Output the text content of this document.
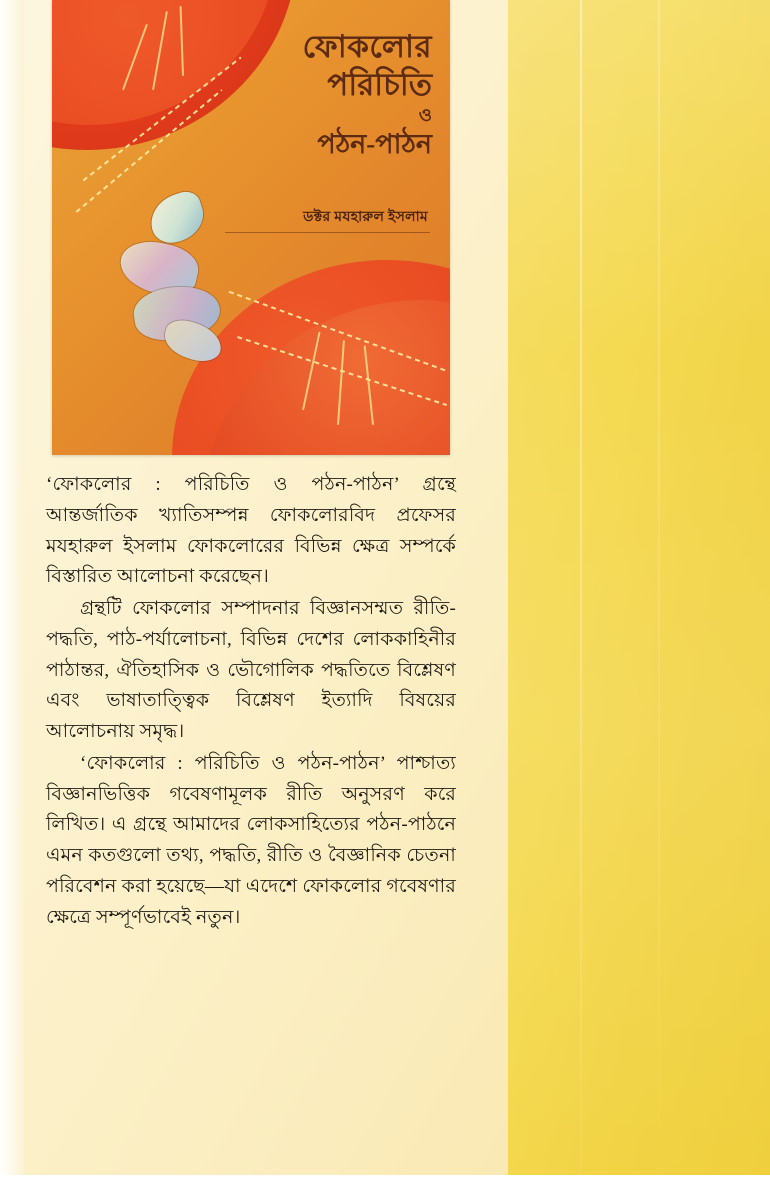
ফোকলোর
পরিচিতি
ও
পঠন-পাঠন
ডক্টর মযহারুল ইসলাম

‘ফোকলোর : পরিচিতি ও পঠন-পাঠন’ গ্রন্থে আন্তর্জাতিক খ্যাতিসম্পন্ন ফোকলোরবিদ প্রফেসর মযহারুল ইসলাম ফোকলোরের বিভিন্ন ক্ষেত্র সম্পর্কে বিস্তারিত আলোচনা করেছেন।

গ্রন্থটি ফোকলোর সম্পাদনার বিজ্ঞানসম্মত রীতি-পদ্ধতি, পাঠ-পর্যালোচনা, বিভিন্ন দেশের লোককাহিনীর পাঠান্তর, ঐতিহাসিক ও ভৌগোলিক পদ্ধতিতে বিশ্লেষণ এবং ভাষাতাত্ত্বিক বিশ্লেষণ ইত্যাদি বিষয়ের আলোচনায় সমৃদ্ধ।

‘ফোকলোর : পরিচিতি ও পঠন-পাঠন’ পাশ্চাত্য বিজ্ঞানভিত্তিক গবেষণামূলক রীতি অনুসরণ করে লিখিত। এ গ্রন্থে আমাদের লোকসাহিত্যের পঠন-পাঠনে এমন কতগুলো তথ্য, পদ্ধতি, রীতি ও বৈজ্ঞানিক চেতনা পরিবেশন করা হয়েছে—যা এদেশে ফোকলোর গবেষণার ক্ষেত্রে সম্পূর্ণভাবেই নতুন।
